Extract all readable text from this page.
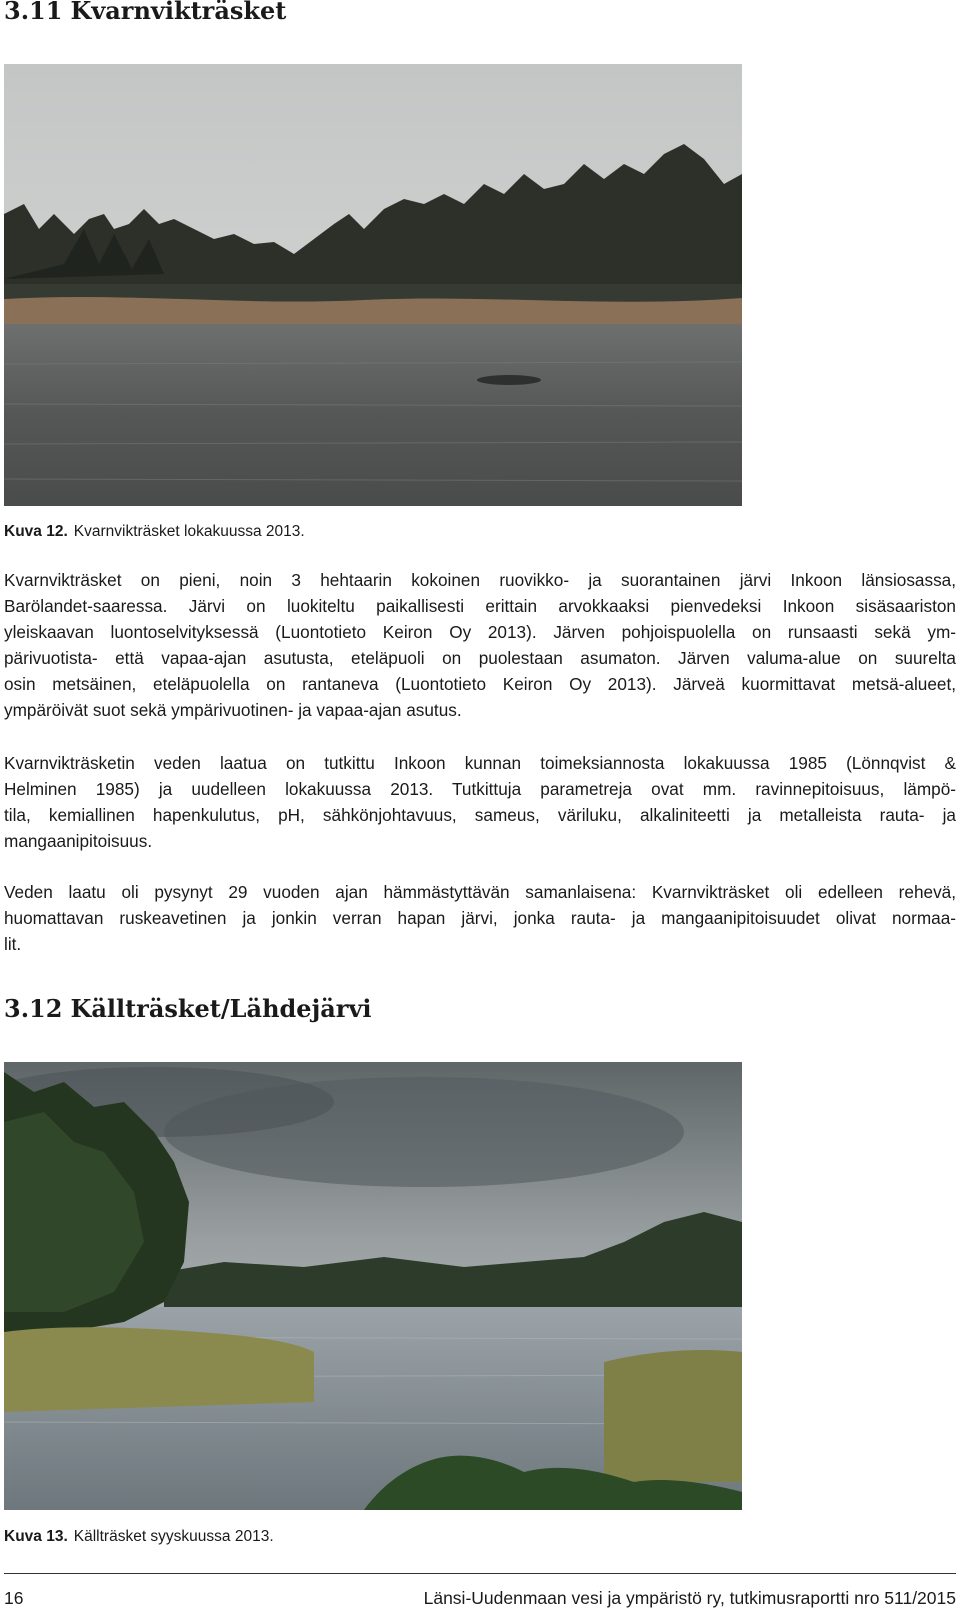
3.11 Kvarnvikträsket

Kuva 12. Kvarnvikträsket lokakuussa 2013.

Kvarnvikträsket on pieni, noin 3 hehtaarin kokoinen ruovikko- ja suorantainen järvi Inkoon länsiosassa,
Barölandet-saaressa. Järvi on luokiteltu paikallisesti erittain arvokkaaksi pienvedeksi Inkoon sisäsaariston
yleiskaavan luontoselvityksessä (Luontotieto Keiron Oy 2013). Järven pohjoispuolella on runsaasti sekä ym-
pärivuotista- että vapaa-ajan asutusta, eteläpuoli on puolestaan asumaton. Järven valuma-alue on suurelta
osin metsäinen, eteläpuolella on rantaneva (Luontotieto Keiron Oy 2013). Järveä kuormittavat metsä-alueet,
ympäröivät suot sekä ympärivuotinen- ja vapaa-ajan asutus.
Kvarnvikträsketin veden laatua on tutkittu Inkoon kunnan toimeksiannosta lokakuussa 1985 (Lönnqvist &
Helminen 1985) ja uudelleen lokakuussa 2013. Tutkittuja parametreja ovat mm. ravinnepitoisuus, lämpö-
tila, kemiallinen hapenkulutus, pH, sähkönjohtavuus, sameus, väriluku, alkaliniteetti ja metalleista rauta- ja
mangaanipitoisuus.
Veden laatu oli pysynyt 29 vuoden ajan hämmästyttävän samanlaisena: Kvarnvikträsket oli edelleen rehevä,
huomattavan ruskeavetinen ja jonkin verran hapan järvi, jonka rauta- ja mangaanipitoisuudet olivat normaa-
lit.
3.12 Källträsket/Lähdejärvi

Kuva 13. Källträsket syyskuussa 2013.

16	Länsi-Uudenmaan vesi ja ympäristö ry, tutkimusraportti nro 511/2015
